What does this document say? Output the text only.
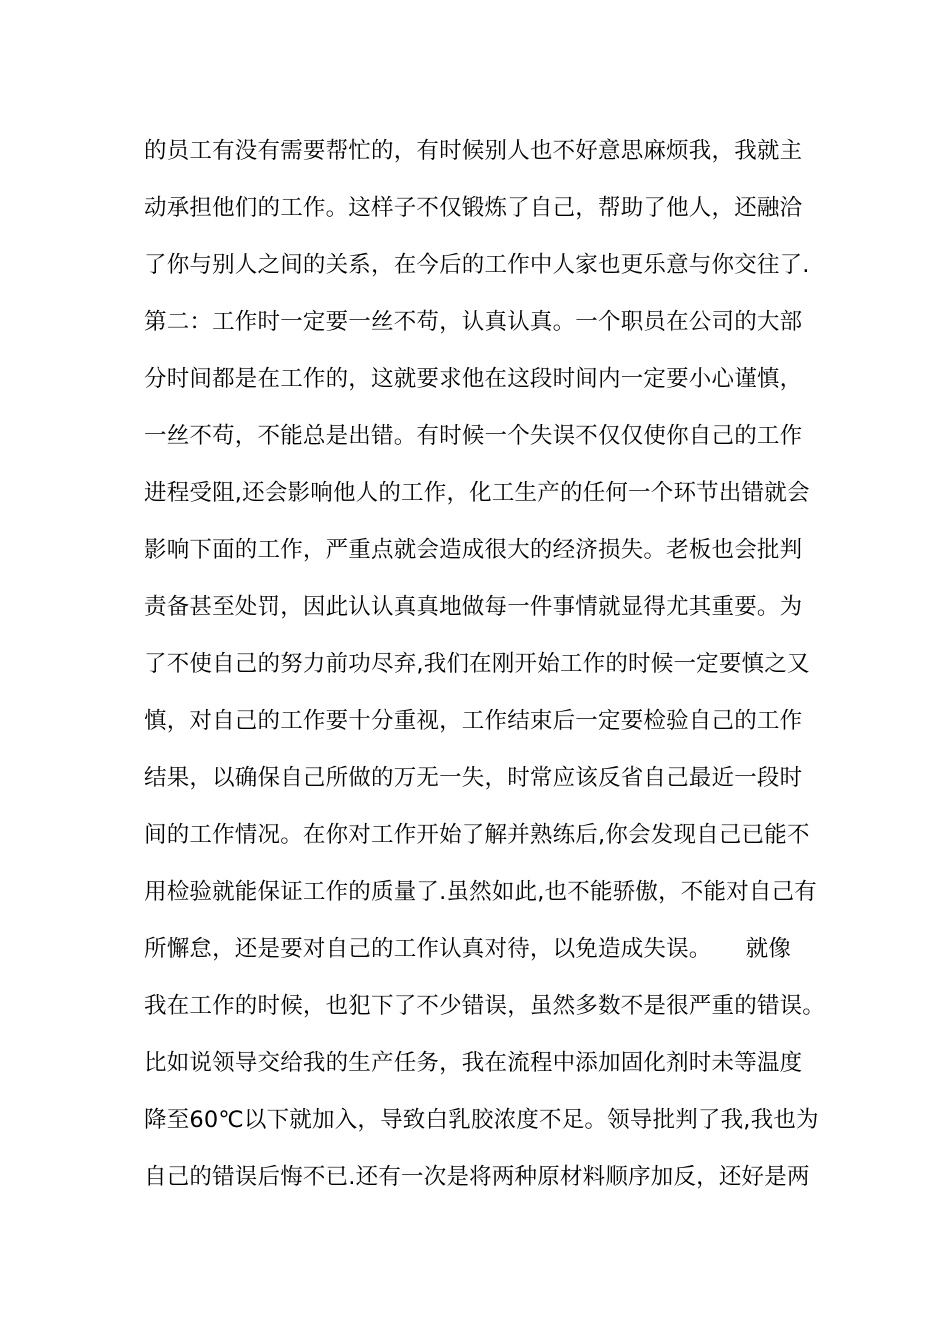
的员工有没有需要帮忙的，有时候别人也不好意思麻烦我，我就主
动承担他们的工作。这样子不仅锻炼了自己，帮助了他人，还融洽
了你与别人之间的关系，在今后的工作中人家也更乐意与你交往了.
第二：工作时一定要一丝不苟，认真认真。一个职员在公司的大部
分时间都是在工作的，这就要求他在这段时间内一定要小心谨慎，
一丝不苟，不能总是出错。有时候一个失误不仅仅使你自己的工作
进程受阻,还会影响他人的工作，化工生产的任何一个环节出错就会
影响下面的工作，严重点就会造成很大的经济损失。老板也会批判
责备甚至处罚，因此认认真真地做每一件事情就显得尤其重要。为
了不使自己的努力前功尽弃,我们在刚开始工作的时候一定要慎之又
慎，对自己的工作要十分重视，工作结束后一定要检验自己的工作
结果，以确保自己所做的万无一失，时常应该反省自己最近一段时
间的工作情况。在你对工作开始了解并熟练后,你会发现自己已能不
用检验就能保证工作的质量了.虽然如此,也不能骄傲，不能对自己有
所懈怠，还是要对自己的工作认真对待，以免造成失误。　　就像
我在工作的时候，也犯下了不少错误，虽然多数不是很严重的错误。
比如说领导交给我的生产任务，我在流程中添加固化剂时未等温度
降至60℃以下就加入，导致白乳胶浓度不足。领导批判了我,我也为
自己的错误后悔不已.还有一次是将两种原材料顺序加反，还好是两
